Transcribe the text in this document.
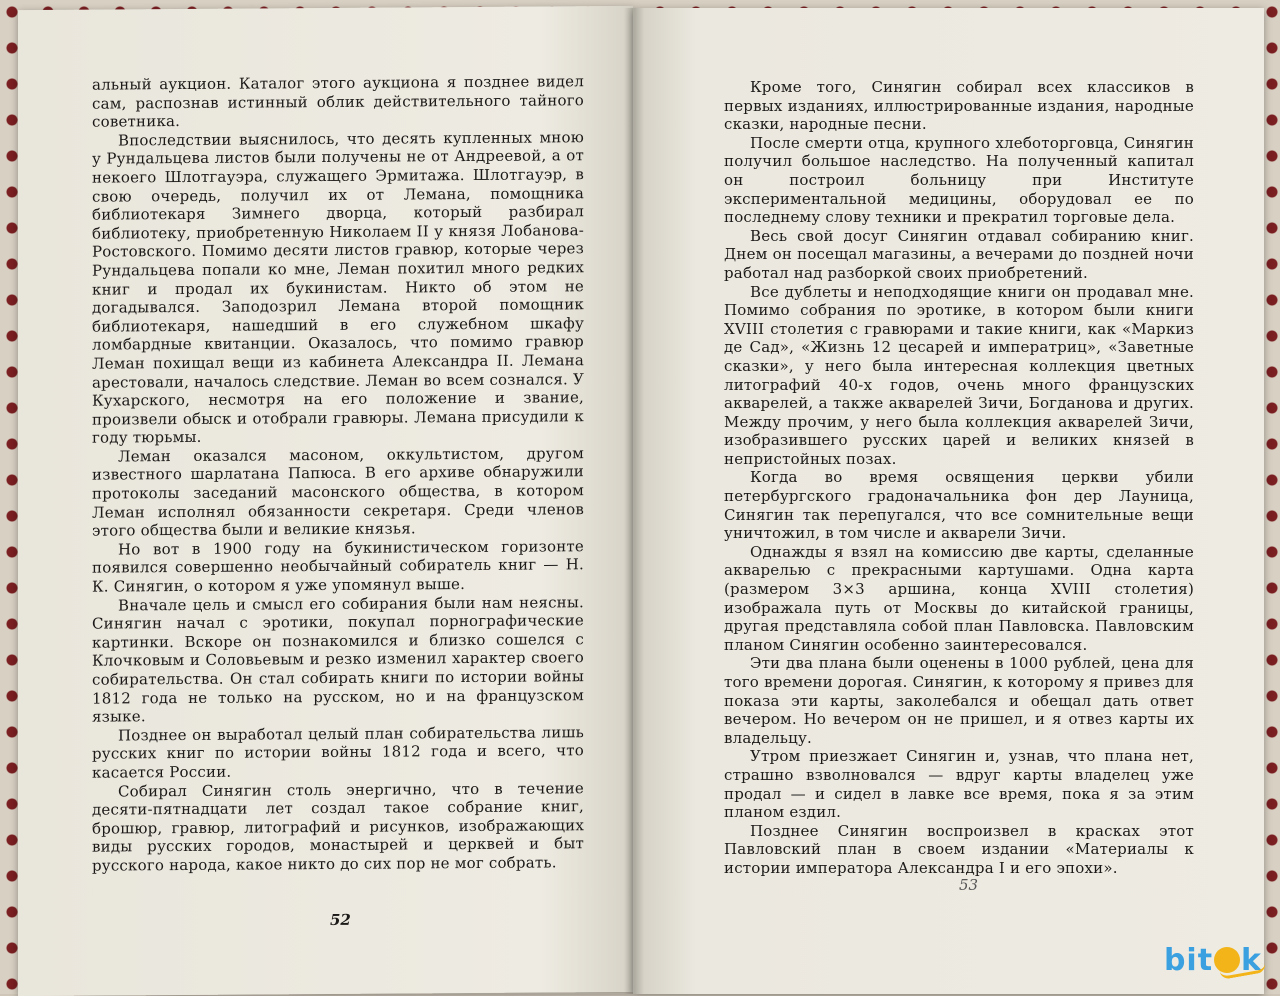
альный аукцион. Каталог этого аукциона я позднее видел сам, распознав истинный облик действительного тайного советника.

Впоследствии выяснилось, что десять купленных мною у Рундальцева листов были получены не от Андреевой, а от некоего Шлотгауэра, служащего Эрмитажа. Шлотгауэр, в свою очередь, получил их от Лемана, помощника библиотекаря Зимнего дворца, который разбирал библиотеку, приобретенную Николаем II у князя Лобанова-Ростовского. Помимо десяти листов гравюр, которые через Рундальцева попали ко мне, Леман похитил много редких книг и продал их букинистам. Никто об этом не догадывался. Заподозрил Лемана второй помощник библиотекаря, нашедший в его служебном шкафу ломбардные квитанции. Оказалось, что помимо гравюр Леман похищал вещи из кабинета Александра II. Лемана арестовали, началось следствие. Леман во всем сознался. У Кухарского, несмотря на его положение и звание, произвели обыск и отобрали гравюры. Лемана присудили к году тюрьмы.

Леман оказался масоном, оккультистом, другом известного шарлатана Папюса. В его архиве обнаружили протоколы заседаний масонского общества, в котором Леман исполнял обязанности секретаря. Среди членов этого общества были и великие князья.

Но вот в 1900 году на букинистическом горизонте появился совершенно необычайный собиратель книг — Н. К. Синягин, о котором я уже упомянул выше.

Вначале цель и смысл его собирания были нам неясны. Синягин начал с эротики, покупал порнографические картинки. Вскоре он познакомился и близко сошелся с Клочковым и Соловьевым и резко изменил характер своего собирательства. Он стал собирать книги по истории войны 1812 года не только на русском, но и на французском языке.

Позднее он выработал целый план собирательства лишь русских книг по истории войны 1812 года и всего, что касается России.

Собирал Синягин столь энергично, что в течение десяти-пятнадцати лет создал такое собрание книг, брошюр, гравюр, литографий и рисунков, изображающих виды русских городов, монастырей и церквей и быт русского народа, какое никто до сих пор не мог собрать.

52

Кроме того, Синягин собирал всех классиков в первых изданиях, иллюстрированные издания, народные сказки, народные песни.

После смерти отца, крупного хлеботорговца, Синягин получил большое наследство. На полученный капитал он построил больницу при Институте экспериментальной медицины, оборудовал ее по последнему слову техники и прекратил торговые дела.

Весь свой досуг Синягин отдавал собиранию книг. Днем он посещал магазины, а вечерами до поздней ночи работал над разборкой своих приобретений.

Все дублеты и неподходящие книги он продавал мне. Помимо собрания по эротике, в котором были книги XVIII столетия с гравюрами и такие книги, как «Маркиз де Сад», «Жизнь 12 цесарей и императриц», «Заветные сказки», у него была интересная коллекция цветных литографий 40-х годов, очень много французских акварелей, а также акварелей Зичи, Богданова и других. Между прочим, у него была коллекция акварелей Зичи, изобразившего русских царей и великих князей в непристойных позах.

Когда во время освящения церкви убили петербургского градоначальника фон дер Лауница, Синягин так перепугался, что все сомнительные вещи уничтожил, в том числе и акварели Зичи.

Однажды я взял на комиссию две карты, сделанные акварелью с прекрасными картушами. Одна карта (размером 3×3 аршина, конца XVIII столетия) изображала путь от Москвы до китайской границы, другая представляла собой план Павловска. Павловским планом Синягин особенно заинтересовался.

Эти два плана были оценены в 1000 рублей, цена для того времени дорогая. Синягин, к которому я привез для показа эти карты, заколебался и обещал дать ответ вечером. Но вечером он не пришел, и я отвез карты их владельцу.

Утром приезжает Синягин и, узнав, что плана нет, страшно взволновался — вдруг карты владелец уже продал — и сидел в лавке все время, пока я за этим планом ездил.

Позднее Синягин воспроизвел в красках этот Павловский план в своем издании «Материалы к истории императора Александра I и его эпохи».

53
bit k
